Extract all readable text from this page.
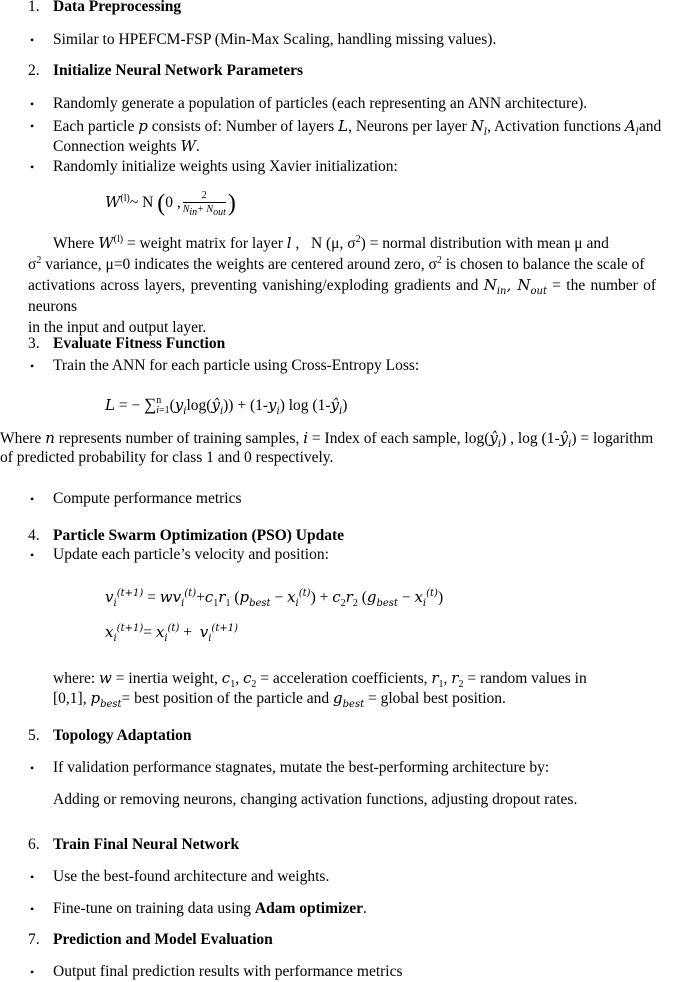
1. Data Preprocessing
• Similar to HPEFCM-FSP (Min-Max Scaling, handling missing values).
2. Initialize Neural Network Parameters
• Randomly generate a population of particles (each representing an ANN architecture).
• Each particle p consists of: Number of layers L, Neurons per layer $N_l$, Activation functions $A_land$
Connection weights W.
• Randomly initialize weights using Xavier initialization:
$W^{(l)}\sim$ N (0 , $\frac{2}{N_{in}+ N_{out}}$ )
Where $W^{(l)}$ = weight matrix for layer l ,   N (μ, $\sigma^2$) = normal distribution with mean μ and
$\sigma^2$ variance, μ=0 indicates the weights are centered around zero, $\sigma^2$ is chosen to balance the scale of
activations across layers, preventing vanishing/exploding gradients and $N_{in}$, $N_{out}$ = the number of neurons
in the input and output layer.
3. Evaluate Fitness Function
• Train the ANN for each particle using Cross-Entropy Loss:
L = − ∑ n
i=1 $(y_i\log(ŷ_i)) + (1-y_i)$ $\log (1-ŷ_i)$
Where n represents number of training samples, i = Index of each sample, $\log(ŷ_i)$ , $\log (1-ŷ_i)$ = logarithm
of predicted probability for class 1 and 0 respectively.
• Compute performance metrics
4. Particle Swarm Optimization (PSO) Update
• Update each particle’s velocity and position:
$v_i^{(t+1)} = wv_i^{(t)}+c_1r_1$ $(p_{best} - x_i^{(t)}) + c_2r_2$ $(g_{best} - x_i^{(t)})$
$x_i^{(t+1)}= x_i^{(t)} + v_i^{(t+1)}$
where: w = inertia weight, $c_1$, $c_2$ = acceleration coefficients, $r_1$, $r_2$ = random values in
[0,1], $p_{best}=$ best position of the particle and $g_{best}$ = global best position.
5. Topology Adaptation
• If validation performance stagnates, mutate the best-performing architecture by:
Adding or removing neurons, changing activation functions, adjusting dropout rates.
6. Train Final Neural Network
• Use the best-found architecture and weights.
• Fine-tune on training data using Adam optimizer.
7. Prediction and Model Evaluation
• Output final prediction results with performance metrics
